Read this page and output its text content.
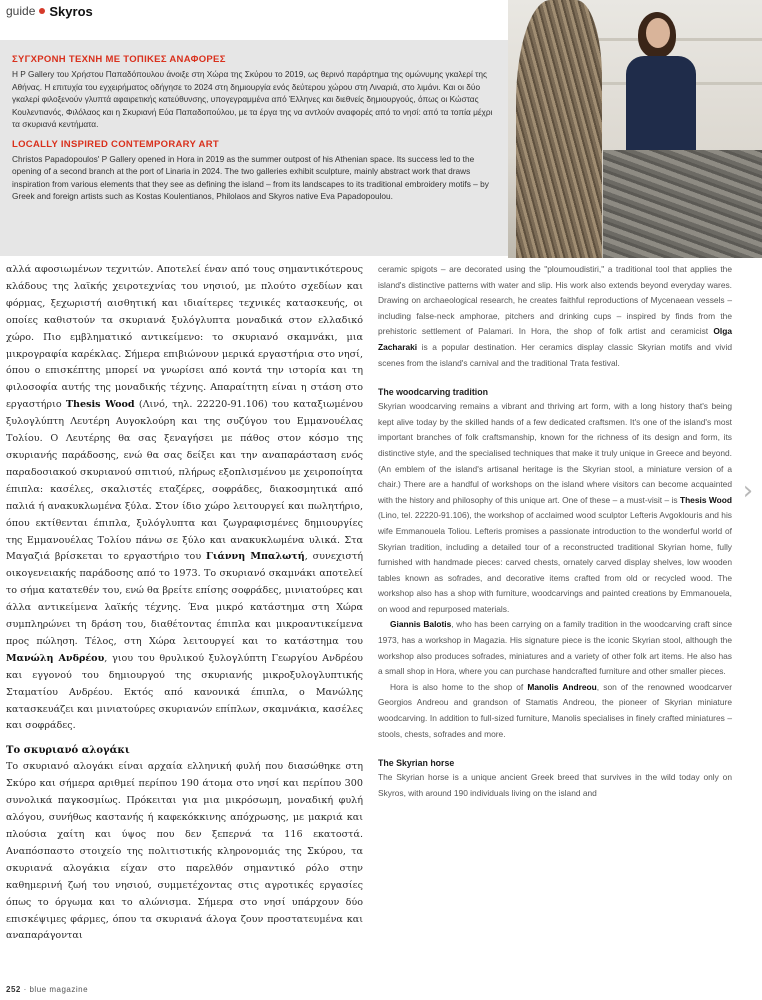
guide Skyros
ΣΥΓΧΡΟΝΗ ΤΕΧΝΗ ΜΕ ΤΟΠΙΚΕΣ ΑΝΑΦΟΡΕΣ

Η P Gallery του Χρήστου Παπαδόπουλου άνοιξε στη Χώρα της Σκύρου το 2019, ως θερινό παράρτημα της ομώνυμης γκαλερί της Αθήνας. Η επιτυχία του εγχειρήματος οδήγησε το 2024 στη δημιουργία ενός δεύτερου χώρου στη Λιναριά, στο λιμάνι. Και οι δύο γκαλερί φιλοξενούν γλυπτά αφαιρετικής κατεύθυνσης, υπογεγραμμένα από Έλληνες και διεθνείς δημιουργούς, όπως οι Κώστας Κουλεντιανός, Φιλόλαος και η Σκυριανή Εύα Παπαδοπούλου, με τα έργα της να αντλούν αναφορές από το νησί: από τα τοπία μέχρι τα σκυριανά κεντήματα.

LOCALLY INSPIRED CONTEMPORARY ART

Christos Papadopoulos' P Gallery opened in Hora in 2019 as the summer outpost of his Athenian space. Its success led to the opening of a second branch at the port of Linaria in 2024. The two galleries exhibit sculpture, mainly abstract work that draws inspiration from various elements that they see as defining the island – from its landscapes to its traditional embroidery motifs – by Greek and foreign artists such as Kostas Koulentianos, Philolaos and Skyros native Eva Papadopoulou.

αλλά αφοσιωμένων τεχνιτών. Αποτελεί έναν από τους σημαντικότερους κλάδους της λαϊκής χειροτεχνίας του νησιού, με πλούτο σχεδίων και φόρμας, ξεχωριστή αισθητική και ιδιαίτερες τεχνικές κατασκευής, οι οποίες καθιστούν τα σκυριανά ξυλόγλυπτα μοναδικά στον ελλαδικό χώρο. Πιο εμβληματικό αντικείμενο: το σκυριανό σκαμνάκι, μια μικρογραφία καρέκλας. Σήμερα επιβιώνουν μερικά εργαστήρια στο νησί, όπου ο επισκέπτης μπορεί να γνωρίσει από κοντά την ιστορία και τη φιλοσοφία αυτής της μοναδικής τέχνης. Απαραίτητη είναι η στάση στο εργαστήριο Thesis Wood (Λινό, τηλ. 22220-91.106) του καταξιωμένου ξυλογλύπτη Λευτέρη Αυγοκλούρη και της συζύγου του Εμμανουέλας Τολίου. Ο Λευτέρης θα σας ξεναγήσει με πάθος στον κόσμο της σκυριανής παράδοσης, ενώ θα σας δείξει και την αναπαράσταση ενός παραδοσιακού σκυριανού σπιτιού, πλήρως εξοπλισμένου με χειροποίητα έπιπλα: κασέλες, σκαλιστές εταζέρες, σοφράδες, διακοσμητικά από παλιά ή ανακυκλωμένα ξύλα. Στον ίδιο χώρο λειτουργεί και πωλητήριο, όπου εκτίθενται έπιπλα, ξυλόγλυπτα και ζωγραφισμένες δημιουργίες της Εμμανουέλας Τολίου πάνω σε ξύλο και ανακυκλωμένα υλικά. Στα Μαγαζιά βρίσκεται το εργαστήριο του Γιάννη Μπαλωτή, συνεχιστή οικογενειακής παράδοσης από το 1973. Το σκυριανό σκαμνάκι αποτελεί το σήμα κατατεθέν του, ενώ θα βρείτε επίσης σοφράδες, μινιατούρες και άλλα αντικείμενα λαϊκής τέχνης. Ένα μικρό κατάστημα στη Χώρα συμπληρώνει τη δράση του, διαθέτοντας έπιπλα και μικροαντικείμενα προς πώληση. Τέλος, στη Χώρα λειτουργεί και το κατάστημα του Μανώλη Ανδρέου, γιου του θρυλικού ξυλογλύπτη Γεωργίου Ανδρέου και εγγονού του δημιουργού της σκυριανής μικροξυλογλυπτικής Σταματίου Ανδρέου. Εκτός από κανονικά έπιπλα, ο Μανώλης κατασκευάζει και μινιατούρες σκυριανών επίπλων, σκαμνάκια, κασέλες και σοφράδες.

Το σκυριανό αλογάκι

Το σκυριανό αλογάκι είναι αρχαία ελληνική φυλή που διασώθηκε στη Σκύρο και σήμερα αριθμεί περίπου 190 άτομα στο νησί και περίπου 300 συνολικά παγκοσμίως. Πρόκειται για μια μικρόσωμη, μοναδική φυλή αλόγου, συνήθως καστανής ή καφεκόκκινης απόχρωσης, με μακριά και πλούσια χαίτη και ύψος που δεν ξεπερνά τα 116 εκατοστά. Αναπόσπαστο στοιχείο της πολιτιστικής κληρονομιάς της Σκύρου, τα σκυριανά αλογάκια είχαν στο παρελθόν σημαντικό ρόλο στην καθημερινή ζωή του νησιού, συμμετέχοντας στις αγροτικές εργασίες όπως το όργωμα και το αλώνισμα. Σήμερα στο νησί υπάρχουν δύο επισκέψιμες φάρμες, όπου τα σκυριανά άλογα ζουν προστατευμένα και αναπαράγονται

ceramic spigots – are decorated using the "ploumoudistiri," a traditional tool that applies the island's distinctive patterns with water and slip. His work also extends beyond everyday wares. Drawing on archaeological research, he creates faithful reproductions of Mycenaean vessels – including false-neck amphorae, pitchers and drinking cups – inspired by finds from the prehistoric settlement of Palamari. In Hora, the shop of folk artist and ceramicist Olga Zacharaki is a popular destination. Her ceramics display classic Skyrian motifs and vivid scenes from the island's carnival and the traditional Trata festival.

The woodcarving tradition

Skyrian woodcarving remains a vibrant and thriving art form, with a long history that's being kept alive today by the skilled hands of a few dedicated craftsmen. It's one of the island's most important branches of folk craftsmanship, known for the richness of its design and form, its distinctive style, and the specialised techniques that make it truly unique in Greece and beyond. (An emblem of the island's artisanal heritage is the Skyrian stool, a miniature version of a chair.) There are a handful of workshops on the island where visitors can become acquainted with the history and philosophy of this unique art. One of these – a must-visit – is Thesis Wood (Lino, tel. 22220-91.106), the workshop of acclaimed wood sculptor Lefteris Avgoklouris and his wife Emmanouela Toliou. Lefteris promises a passionate introduction to the wonderful world of Skyrian tradition, including a detailed tour of a reconstructed traditional Skyrian home, fully furnished with handmade pieces: carved chests, ornately carved display shelves, low wooden tables known as sofrades, and decorative items crafted from old or recycled wood. The workshop also has a shop with furniture, woodcarvings and painted creations by Emmanouela, on wood and repurposed materials.

Giannis Balotis, who has been carrying on a family tradition in the woodcarving craft since 1973, has a workshop in Magazia. His signature piece is the iconic Skyrian stool, although the workshop also produces sofrades, miniatures and a variety of other folk art items. He also has a small shop in Hora, where you can purchase handcrafted furniture and other smaller pieces.

Hora is also home to the shop of Manolis Andreou, son of the renowned woodcarver Georgios Andreou and grandson of Stamatis Andreou, the pioneer of Skyrian miniature woodcarving. In addition to full-sized furniture, Manolis specialises in finely crafted miniatures – stools, chests, sofrades and more.

The Skyrian horse

The Skyrian horse is a unique ancient Greek breed that survives in the wild today only on Skyros, with around 190 individuals living on the island and

252 · blue magazine
›
